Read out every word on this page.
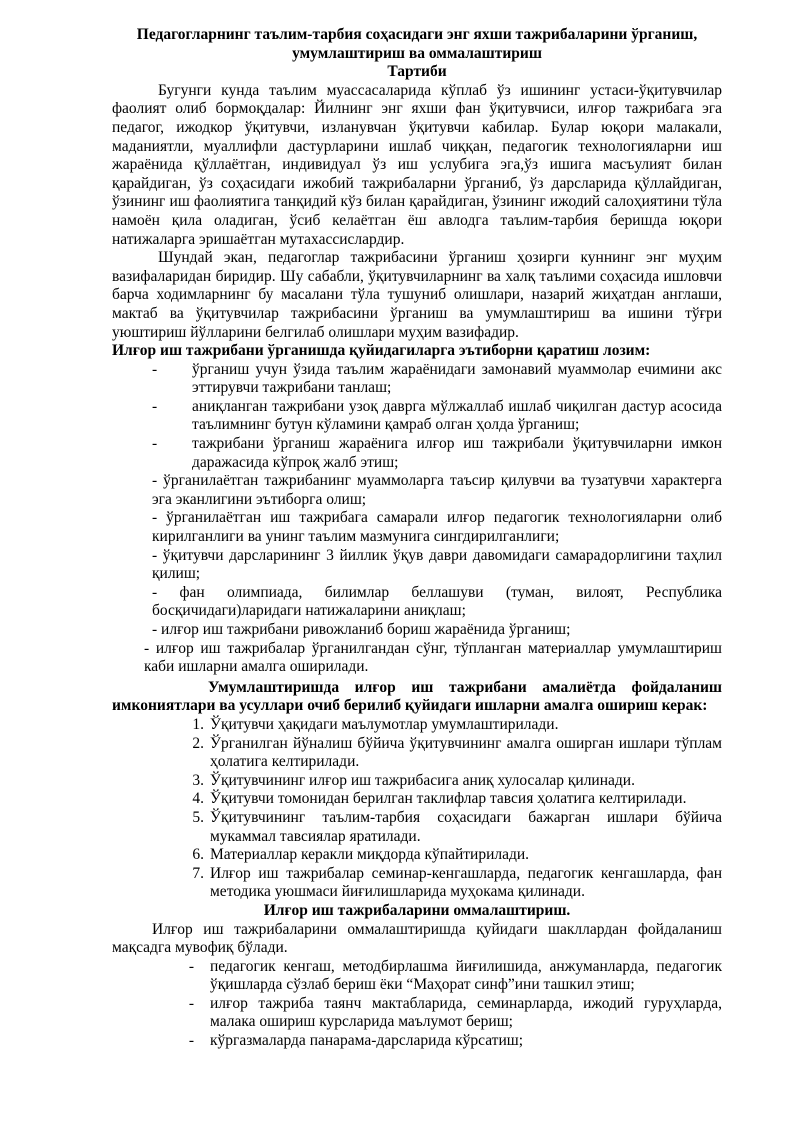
Педагогларнинг таълим-тарбия соҳасидаги энг яхши тажрибаларини ўрганиш,
умумлаштириш ва оммалаштириш
Тартиби

Бугунги кунда таълим муассасаларида кўплаб ўз ишининг устаси-ўқитувчилар фаолият олиб бормоқдалар: Йилнинг энг яхши фан ўқитувчиси, илғор тажрибага эга педагог, ижодкор ўқитувчи, изланувчан ўқитувчи кабилар. Булар юқори малакали, маданиятли, муаллифли дастурларини ишлаб чиққан, педагогик технологияларни иш жараёнида қўллаётган, индивидуал ўз иш услубига эга,ўз ишига масъулият билан қарайдиган, ўз соҳасидаги ижобий тажрибаларни ўрганиб, ўз дарсларида қўллайдиган, ўзининг иш фаолиятига танқидий кўз билан қарайдиган, ўзининг ижодий салоҳиятини тўла намоён қила оладиган, ўсиб келаётган ёш авлодга таълим-тарбия беришда юқори натижаларга эришаётган мутахассислардир.

Шундай экан, педагоглар тажрибасини ўрганиш ҳозирги куннинг энг муҳим вазифаларидан биридир. Шу сабабли, ўқитувчиларнинг ва халқ таълими соҳасида ишловчи барча ходимларнинг бу масалани тўла тушуниб олишлари, назарий жиҳатдан англаши, мактаб ва ўқитувчилар тажрибасини ўрганиш ва умумлаштириш ва ишини тўғри уюштириш йўлларини белгилаб олишлари муҳим вазифадир.

Илғор иш тажрибани ўрганишда қуйидагиларга эътиборни қаратиш лозим:

-	ўрганиш учун ўзида таълим жараёнидаги замонавий муаммолар ечимини акс эттирувчи тажрибани танлаш;
-	аниқланган тажрибани узоқ даврга мўлжаллаб ишлаб чиқилган дастур асосида таълимнинг бутун кўламини қамраб олган ҳолда ўрганиш;
-	тажрибани ўрганиш жараёнига илғор иш тажрибали ўқитувчиларни имкон даражасида кўпроқ жалб этиш;

- ўрганилаётган тажрибанинг муаммоларга таъсир қилувчи ва тузатувчи характерга эга эканлигини эътиборга олиш;

- ўрганилаётган иш тажрибага самарали илғор педагогик технологияларни олиб кирилганлиги ва унинг таълим мазмунига сингдирилганлиги;

- ўқитувчи дарсларининг 3 йиллик ўқув даври давомидаги самарадорлигини таҳлил қилиш;

- фан олимпиада, билимлар беллашуви (туман, вилоят, Республика босқичидаги)ларидаги натижаларини аниқлаш;

- илғор иш тажрибани ривожланиб бориш жараёнида ўрганиш;

- илғор иш тажрибалар ўрганилгандан сўнг, тўпланган материаллар умумлаштириш каби ишларни амалга оширилади.

Умумлаштиришда илғор иш тажрибани амалиётда фойдаланиш имкониятлари ва усуллари очиб берилиб қуйидаги ишларни амалга ошириш керак:

1. Ўқитувчи ҳақидаги маълумотлар умумлаштирилади.
2. Ўрганилган йўналиш бўйича ўқитувчининг амалга оширган ишлари тўплам ҳолатига келтирилади.
3. Ўқитувчининг илғор иш тажрибасига аниқ хулосалар қилинади.
4. Ўқитувчи томонидан берилган таклифлар тавсия ҳолатига келтирилади.
5. Ўқитувчининг таълим-тарбия соҳасидаги бажарган ишлари бўйича мукаммал тавсиялар яратилади.
6. Материаллар керакли миқдорда кўпайтирилади.
7. Илғор иш тажрибалар семинар-кенгашларда, педагогик кенгашларда, фан методика уюшмаси йиғилишларида муҳокама қилинади.

Илғор иш тажрибаларини оммалаштириш.

Илғор иш тажрибаларини оммалаштиришда қуйидаги шакллардан фойдаланиш мақсадга мувофиқ бўлади.

-	педагогик кенгаш, методбирлашма йиғилишида, анжуманларда, педагогик ўқишларда сўзлаб бериш ёки “Маҳорат синф”ини ташкил этиш;
-	илғор тажриба таянч мактабларида, семинарларда, ижодий гуруҳларда, малака ошириш курсларида маълумот бериш;
-	кўргазмаларда панарама-дарсларида кўрсатиш;
